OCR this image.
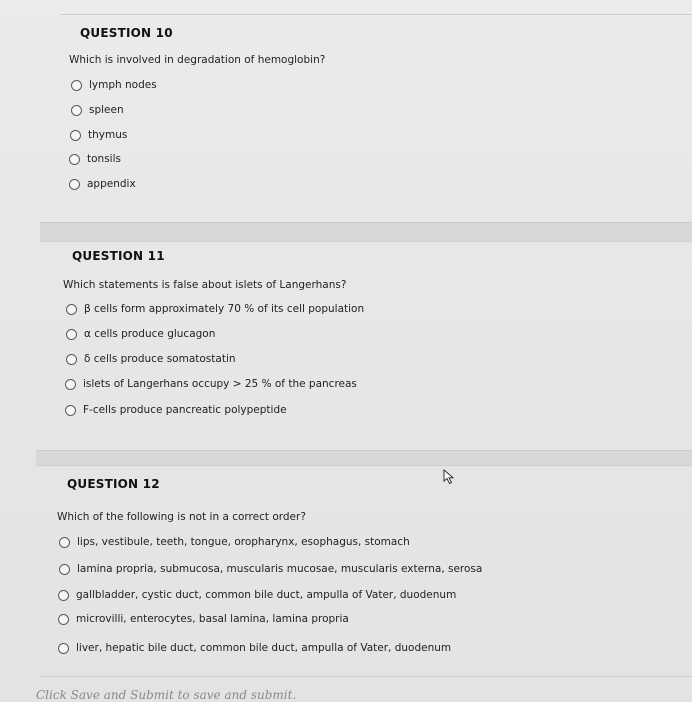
QUESTION 10
Which is involved in degradation of hemoglobin?
lymph nodes
spleen
thymus
tonsils
appendix
QUESTION 11
Which statements is false about islets of Langerhans?
β cells form approximately 70 % of its cell population
α cells produce glucagon
δ cells produce somatostatin
islets of Langerhans occupy > 25 % of the pancreas
F-cells produce pancreatic polypeptide
QUESTION 12
Which of the following is not in a correct order?
lips, vestibule, teeth, tongue, oropharynx, esophagus, stomach
lamina propria, submucosa, muscularis mucosae, muscularis externa, serosa
gallbladder, cystic duct, common bile duct, ampulla of Vater, duodenum
microvilli, enterocytes, basal lamina, lamina propria
liver, hepatic bile duct, common bile duct, ampulla of Vater, duodenum
Click Save and Submit to save and submit.
